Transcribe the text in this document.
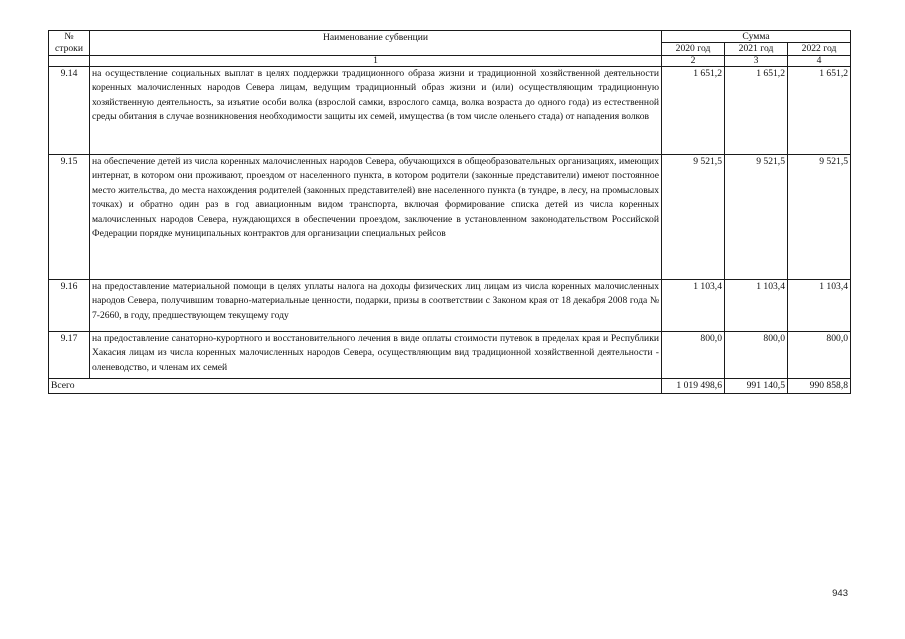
№
строки	Наименование субвенции	Сумма		
		2020 год	2021 год	2022 год
	1	2	3	4
9.14	на осуществление социальных выплат в целях поддержки традиционного образа жизни и традиционной хозяйственной деятельности коренных малочисленных народов Севера лицам, ведущим традиционный образ жизни и (или) осуществляющим традиционную хозяйственную деятельность, за изъятие особи волка (взрослой самки, взрослого самца, волка возраста до одного года) из естественной среды обитания в случае возникновения необходимости защиты их семей, имущества (в том числе оленьего стада) от нападения волков	1 651,2	1 651,2	1 651,2
9.15	на обеспечение детей из числа коренных малочисленных народов Севера, обучающихся в общеобразовательных организациях, имеющих интернат, в котором они проживают, проездом от населенного пункта, в котором родители (законные представители) имеют постоянное место жительства, до места нахождения родителей (законных представителей) вне населенного пункта (в тундре, в лесу, на промысловых точках) и обратно один раз в год авиационным видом транспорта, включая формирование списка детей из числа коренных малочисленных народов Севера, нуждающихся в обеспечении проездом, заключение в установленном законодательством Российской Федерации порядке муниципальных контрактов для организации специальных рейсов	9 521,5	9 521,5	9 521,5
9.16	на предоставление материальной помощи в целях уплаты налога на доходы физических лиц лицам из числа коренных малочисленных народов Севера, получившим товарно-материальные ценности, подарки, призы в соответствии с Законом края от 18 декабря 2008 года № 7-2660, в году, предшествующем текущему году	1 103,4	1 103,4	1 103,4
9.17	на предоставление санаторно-курортного и восстановительного лечения в виде оплаты стоимости путевок в пределах края и Республики Хакасия лицам из числа коренных малочисленных народов Севера, осуществляющим вид традиционной хозяйственной деятельности - оленеводство, и членам их семей	800,0	800,0	800,0
Всего		1 019 498,6	991 140,5	990 858,8
943
